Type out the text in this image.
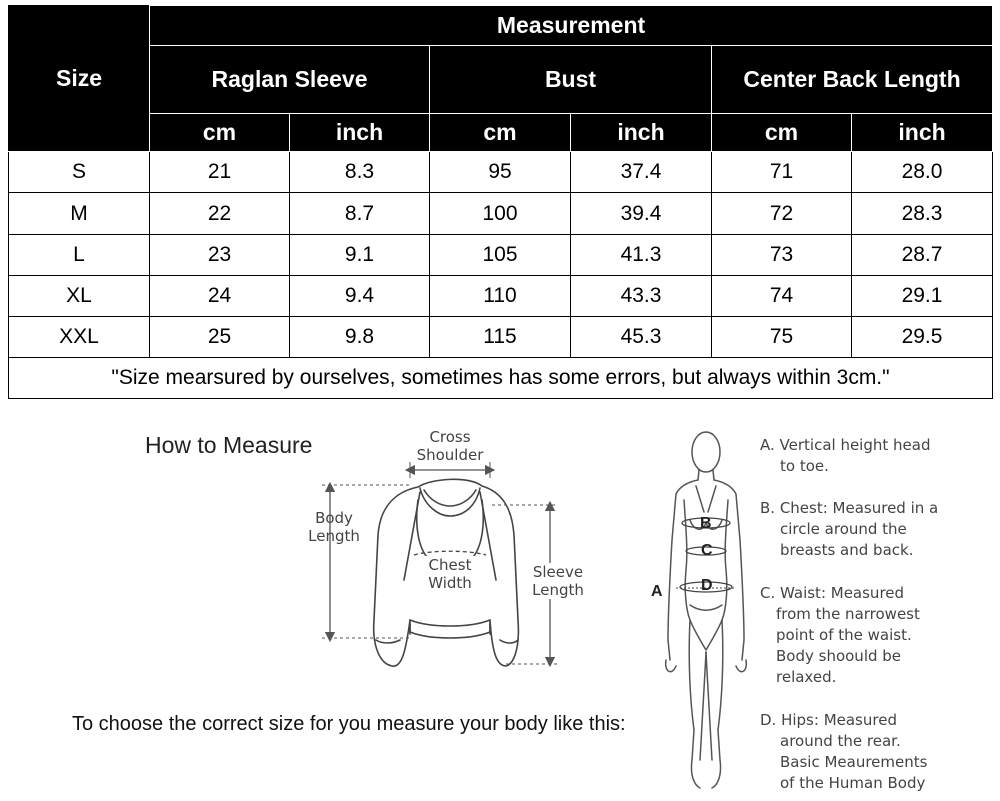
Size	Measurement					
	Raglan Sleeve		Bust		Center Back Length	
	cm	inch	cm	inch	cm	inch
S	21	8.3	95	37.4	71	28.0
M	22	8.7	100	39.4	72	28.3
L	23	9.1	105	41.3	73	28.7
XL	24	9.4	110	43.3	74	29.1
XXL	25	9.8	115	45.3	75	29.5
"Size mearsured by ourselves, sometimes has some errors, but always within 3cm."						
How to Measure
To choose the correct size for you measure your body like this:
Cross
Shoulder
Body
Length
Chest
Width
Sleeve
Length	A
B
C
D
A. Vertical height head
to toe.
B. Chest: Measured in a
circle around the
breasts and back.
C. Waist: Measured
from the narrowest
point of the waist.
Body shoould be
relaxed.
D. Hips: Measured
around the rear.
Basic Meaurements
of the Human Body
